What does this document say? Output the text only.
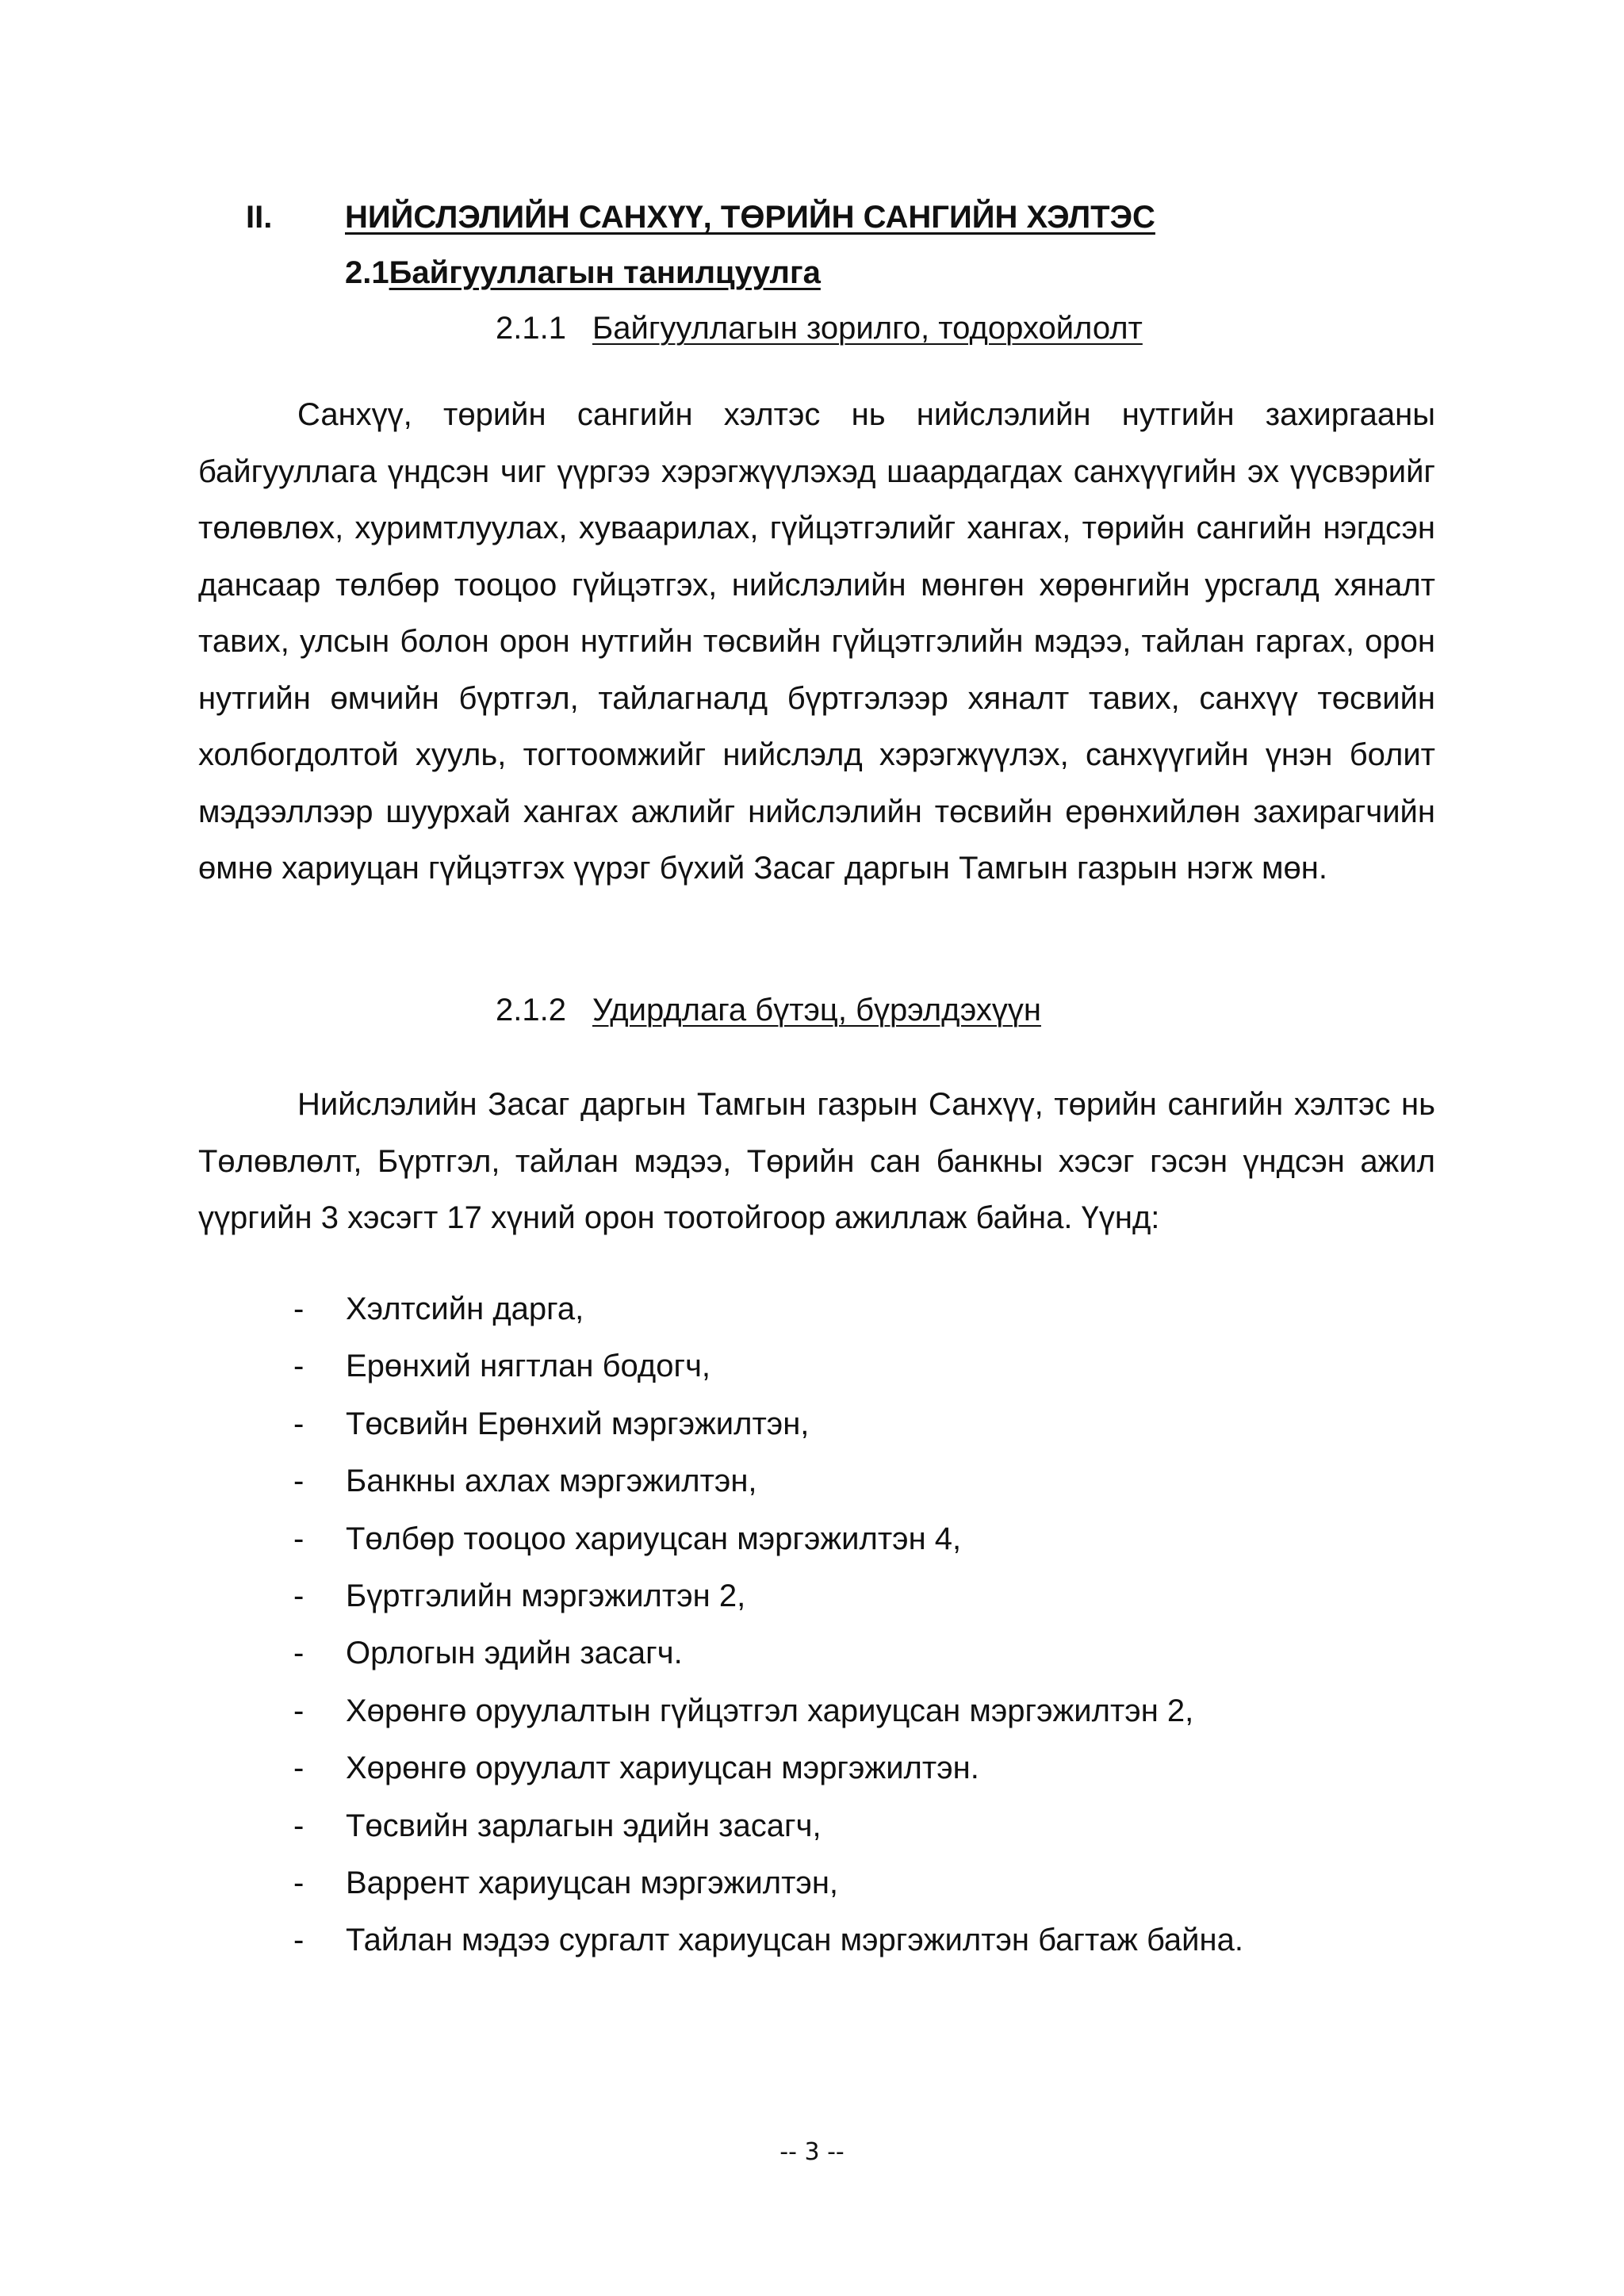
II. НИЙСЛЭЛИЙН САНХҮҮ, ТӨРИЙН САНГИЙН ХЭЛТЭС
2.1Байгууллагын танилцуулга
2.1.1 Байгууллагын зорилго, тодорхойлолт

Санхүү, төрийн сангийн хэлтэс нь нийслэлийн нутгийн захиргааны байгууллага үндсэн чиг үүргээ хэрэгжүүлэхэд шаардагдах санхүүгийн эх үүсвэрийг төлөвлөх, хуримтлуулах, хуваарилах, гүйцэтгэлийг хангах, төрийн сангийн нэгдсэн дансаар төлбөр тооцоо гүйцэтгэх, нийслэлийн мөнгөн хөрөнгийн урсгалд хяналт тавих, улсын болон орон нутгийн төсвийн гүйцэтгэлийн мэдээ, тайлан гаргах, орон нутгийн өмчийн бүртгэл, тайлагналд бүртгэлээр хяналт тавих, санхүү төсвийн холбогдолтой хууль, тогтоомжийг нийслэлд хэрэгжүүлэх, санхүүгийн үнэн болит мэдээллээр шуурхай хангах ажлийг нийслэлийн төсвийн ерөнхийлөн захирагчийн өмнө хариуцан гүйцэтгэх үүрэг бүхий Засаг даргын Тамгын газрын нэгж мөн.

2.1.2 Удирдлага бүтэц, бүрэлдэхүүн

Нийслэлийн Засаг даргын Тамгын газрын Санхүү, төрийн сангийн хэлтэс нь Төлөвлөлт, Бүртгэл, тайлан мэдээ, Төрийн сан банкны хэсэг гэсэн үндсэн ажил үүргийн 3 хэсэгт 17 хүний орон тоотойгоор ажиллаж байна. Үүнд:

- Хэлтсийн дарга,
- Ерөнхий нягтлан бодогч,
- Төсвийн Ерөнхий мэргэжилтэн,
- Банкны ахлах мэргэжилтэн,
- Төлбөр тооцоо хариуцсан мэргэжилтэн 4,
- Бүртгэлийн мэргэжилтэн 2,
- Орлогын эдийн засагч.
- Хөрөнгө оруулалтын гүйцэтгэл хариуцсан мэргэжилтэн 2,
- Хөрөнгө оруулалт хариуцсан мэргэжилтэн.
- Төсвийн зарлагын эдийн засагч,
- Варрент хариуцсан мэргэжилтэн,
- Тайлан мэдээ сургалт хариуцсан мэргэжилтэн багтаж байна.
-- 3 --
